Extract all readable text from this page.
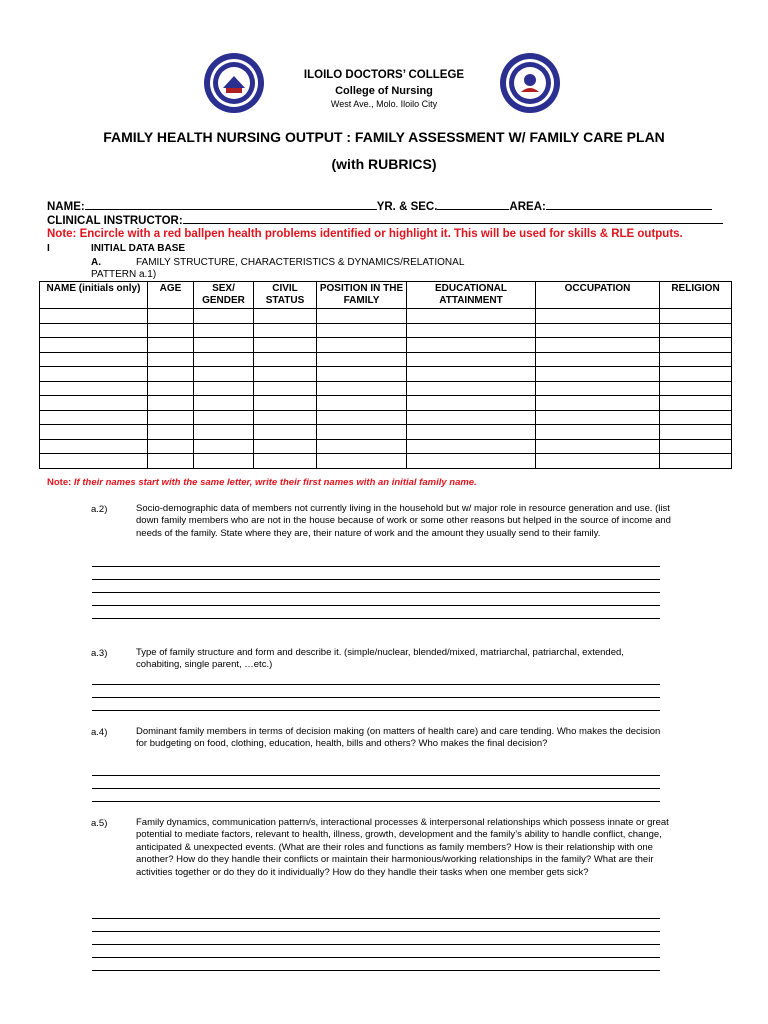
ILOILO DOCTORS’ COLLEGE
College of Nursing
West Ave., Molo. Iloilo City
FAMILY HEALTH NURSING OUTPUT : FAMILY ASSESSMENT W/ FAMILY CARE PLAN
(with RUBRICS)
NAME:	YR. & SEC.	AREA:
CLINICAL INSTRUCTOR:
Note: Encircle with a red ballpen health problems identified or highlight it. This will be used for skills & RLE outputs.
I	INITIAL DATA BASE
A.	FAMILY STRUCTURE, CHARACTERISTICS & DYNAMICS/RELATIONAL
PATTERN a.1)
NAME (initials only)	AGE	SEX/ GENDER	CIVIL STATUS	POSITION IN THE FAMILY	EDUCATIONAL ATTAINMENT	OCCUPATION	RELIGION

Note: If their names start with the same letter, write their first names with an initial family name.
a.2)	Socio-demographic data of members not currently living in the household but w/ major role in resource generation and use. (list down family members who are not in the house because of work or some other reasons but helped in the source of income and needs of the family. State where they are, their nature of work and the amount they usually send to their family.
a.3)	Type of family structure and form and describe it. (simple/nuclear, blended/mixed, matriarchal, patriarchal, extended, cohabiting, single parent, …etc.)
a.4)	Dominant family members in terms of decision making (on matters of health care) and care tending. Who makes the decision for budgeting on food, clothing, education, health, bills and others? Who makes the final decision?
a.5)	Family dynamics, communication pattern/s, interactional processes & interpersonal relationships which possess innate or great potential to mediate factors, relevant to health, illness, growth, development and the family’s ability to handle conflict, change, anticipated & unexpected events. (What are their roles and functions as family members? How is their relationship with one another? How do they handle their conflicts or maintain their harmonious/working relationships in the family? What are their activities together or do they do it individually? How do they handle their tasks when one member gets sick?
